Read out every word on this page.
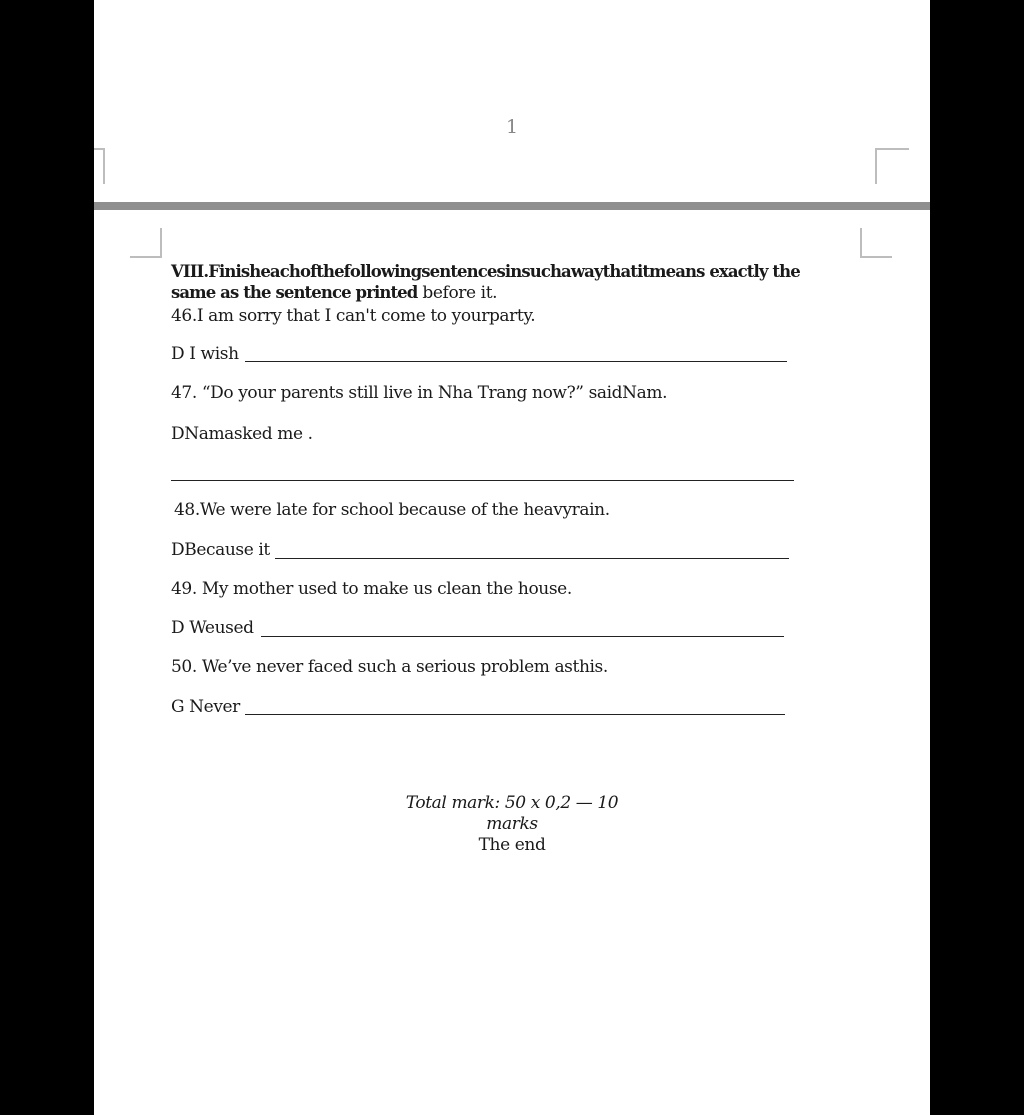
1
VIII.Finisheachofthefollowingsentencesinsuchawaythatitmeans exactly the
same as the sentence printed before it.
46.I am sorry that I can't come to yourparty.
D I wish
47. “Do your parents still live in Nha Trang now?” saidNam.
DNamasked me .
48.We were late for school because of the heavyrain.
DBecause it
49. My mother used to make us clean the house.
D Weused
50. We’ve never faced such a serious problem asthis.
G Never
Total mark: 50 x 0,2 — 10
marks
The end
